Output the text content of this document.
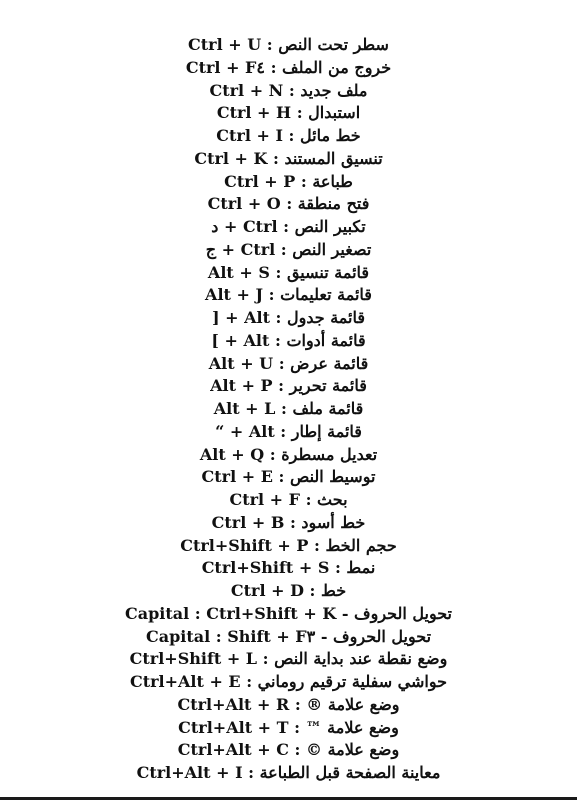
سطر تحت النص : Ctrl + U
خروج من الملف : Ctrl + F٤
ملف جديد : Ctrl + N
استبدال : Ctrl + H
خط مائل : Ctrl + I
تنسيق المستند : Ctrl + K
طباعة : Ctrl + P
فتح منطقة : Ctrl + O
تكبير النص : Ctrl + د
تصغير النص : Ctrl + ج
قائمة تنسيق : Alt + S
قائمة تعليمات : Alt + J
قائمة جدول : Alt + [
قائمة أدوات : Alt + ]
قائمة عرض : Alt + U
قائمة تحرير : Alt + P
قائمة ملف : Alt + L
قائمة إطار : Alt + “
تعديل مسطرة : Alt + Q
توسيط النص : Ctrl + E
بحث : Ctrl + F
خط أسود : Ctrl + B
حجم الخط : Ctrl+Shift + P
نمط : Ctrl+Shift + S
خط : Ctrl + D
تحويل الحروف - Capital : Ctrl+Shift + K
تحويل الحروف - Capital : Shift + F٣
وضع نقطة عند بداية النص : Ctrl+Shift + L
حواشي سفلية ترقيم روماني : Ctrl+Alt + E
وضع علامة ® : Ctrl+Alt + R
وضع علامة ™ : Ctrl+Alt + T
وضع علامة © : Ctrl+Alt + C
معاينة الصفحة قبل الطباعة : Ctrl+Alt + I
